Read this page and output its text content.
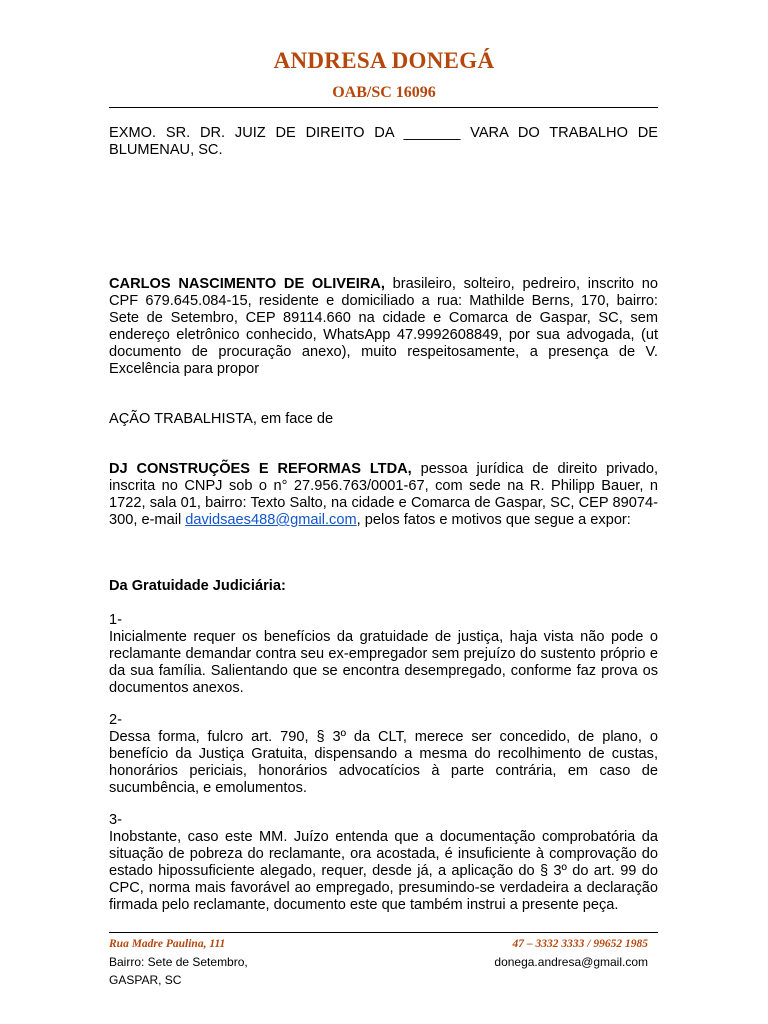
ANDRESA DONEGÁ
OAB/SC 16096
EXMO. SR. DR. JUIZ DE DIREITO DA _______ VARA DO TRABALHO DE BLUMENAU, SC.
CARLOS NASCIMENTO DE OLIVEIRA, brasileiro, solteiro, pedreiro, inscrito no CPF 679.645.084-15, residente e domiciliado a rua: Mathilde Berns, 170, bairro: Sete de Setembro, CEP 89114.660 na cidade e Comarca de Gaspar, SC, sem endereço eletrônico conhecido, WhatsApp 47.9992608849, por sua advogada, (ut documento de procuração anexo), muito respeitosamente, a presença de V. Excelência para propor
AÇÃO TRABALHISTA, em face de
DJ CONSTRUÇÕES E REFORMAS LTDA, pessoa jurídica de direito privado, inscrita no CNPJ sob o n° 27.956.763/0001-67, com sede na R. Philipp Bauer, n 1722, sala 01, bairro: Texto Salto, na cidade e Comarca de Gaspar, SC, CEP 89074-300, e-mail davidsaes488@gmail.com, pelos fatos e motivos que segue a expor:
Da Gratuidade Judiciária:

1-

Inicialmente requer os benefícios da gratuidade de justiça, haja vista não pode o reclamante demandar contra seu ex-empregador sem prejuízo do sustento próprio e da sua família. Salientando que se encontra desempregado, conforme faz prova os documentos anexos.

2-

Dessa forma, fulcro art. 790, § 3º da CLT, merece ser concedido, de plano, o benefício da Justiça Gratuita, dispensando a mesma do recolhimento de custas, honorários periciais, honorários advocatícios à parte contrária, em caso de sucumbência, e emolumentos.

3-

Inobstante, caso este MM. Juízo entenda que a documentação comprobatória da situação de pobreza do reclamante, ora acostada, é insuficiente à comprovação do estado hipossuficiente alegado, requer, desde já, a aplicação do § 3º do art. 99 do CPC, norma mais favorável ao empregado, presumindo-se verdadeira a declaração firmada pelo reclamante, documento este que também instrui a presente peça.

Rua Madre Paulina, 111
Bairro: Sete de Setembro,
GASPAR, SC
47 – 3332 3333 / 99652 1985
donega.andresa@gmail.com
